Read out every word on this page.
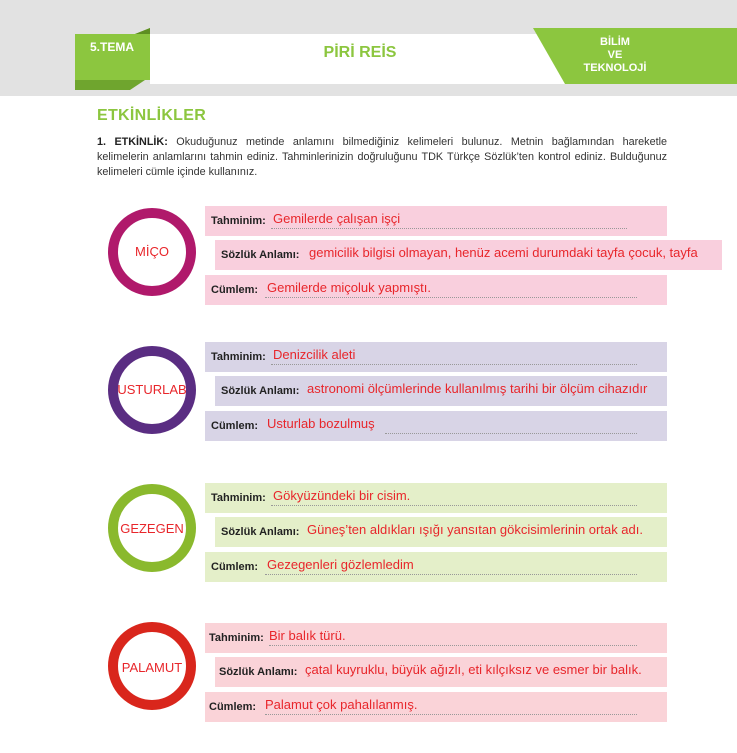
5.TEMA	PİRİ REİS
BİLİM
VE
TEKNOLOJİ
ETKİNLİKLER
1. ETKİNLİK: Okuduğunuz metinde anlamını bilmediğiniz kelimeleri bulunuz. Metnin bağlamından hareketle kelimelerin anlamlarını tahmin ediniz. Tahminlerinizin doğruluğunu TDK Türkçe Sözlük’ten kontrol ediniz. Bulduğunuz kelimeleri cümle içinde kullanınız.
Tahminim: Gemilerde çalışan işçi
Sözlük Anlamı: gemicilik bilgisi olmayan, henüz acemi durumdaki tayfa çocuk, tayfa
Cümlem: Gemilerde miçoluk yapmıştı.
MİÇO
Tahminim: Denizcilik aleti
Sözlük Anlamı: astronomi ölçümlerinde kullanılmış tarihi bir ölçüm cihazıdır
Cümlem: Usturlab bozulmuş
USTURLAB
Tahminim: Gökyüzündeki bir cisim.
Sözlük Anlamı: Güneş’ten aldıkları ışığı yansıtan gökcisimlerinin ortak adı.
Cümlem: Gezegenleri gözlemledim
GEZEGEN
Tahminim: Bir balık türü.
Sözlük Anlamı: çatal kuyruklu, büyük ağızlı, eti kılçıksız ve esmer bir balık.
Cümlem: Palamut çok pahalılanmış.
PALAMUT
